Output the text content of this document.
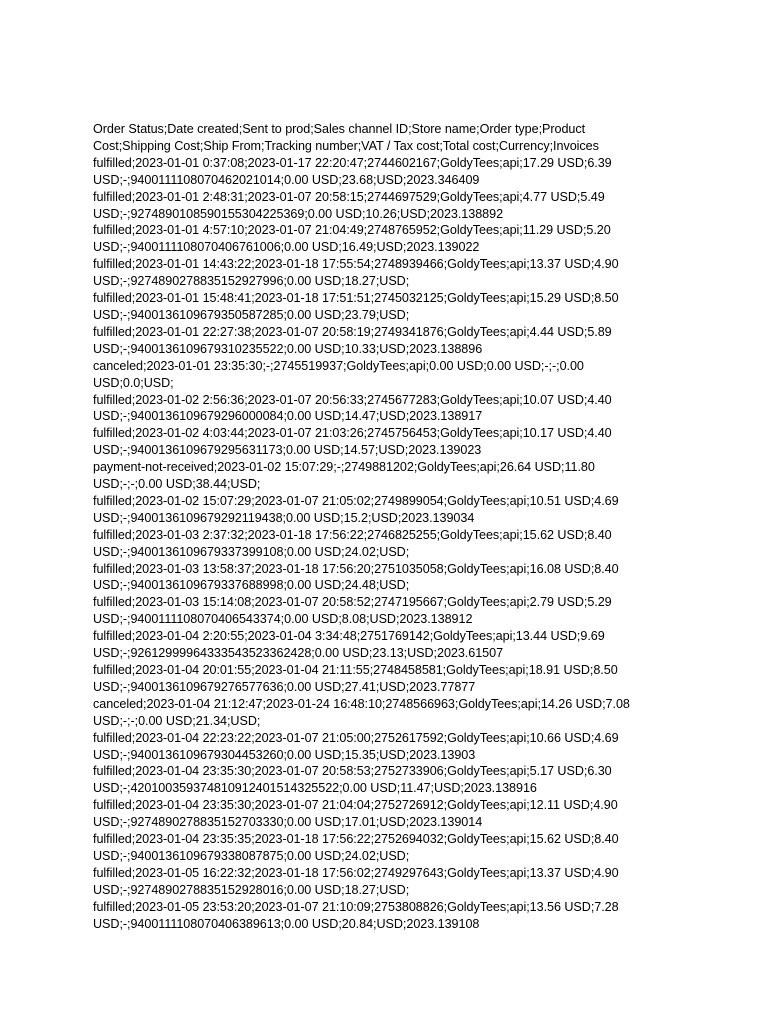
Order Status;Date created;Sent to prod;Sales channel ID;Store name;Order type;Product
Cost;Shipping Cost;Ship From;Tracking number;VAT / Tax cost;Total cost;Currency;Invoices
fulfilled;2023-01-01 0:37:08;2023-01-17 22:20:47;2744602167;GoldyTees;api;17.29 USD;6.39
USD;-;9400111108070462021014;0.00 USD;23.68;USD;2023.346409
fulfilled;2023-01-01 2:48:31;2023-01-07 20:58:15;2744697529;GoldyTees;api;4.77 USD;5.49
USD;-;9274890108590155304225369;0.00 USD;10.26;USD;2023.138892
fulfilled;2023-01-01 4:57:10;2023-01-07 21:04:49;2748765952;GoldyTees;api;11.29 USD;5.20
USD;-;9400111108070406761006;0.00 USD;16.49;USD;2023.139022
fulfilled;2023-01-01 14:43:22;2023-01-18 17:55:54;2748939466;GoldyTees;api;13.37 USD;4.90
USD;-;9274890278835152927996;0.00 USD;18.27;USD;
fulfilled;2023-01-01 15:48:41;2023-01-18 17:51:51;2745032125;GoldyTees;api;15.29 USD;8.50
USD;-;9400136109679350587285;0.00 USD;23.79;USD;
fulfilled;2023-01-01 22:27:38;2023-01-07 20:58:19;2749341876;GoldyTees;api;4.44 USD;5.89
USD;-;9400136109679310235522;0.00 USD;10.33;USD;2023.138896
canceled;2023-01-01 23:35:30;-;2745519937;GoldyTees;api;0.00 USD;0.00 USD;-;-;0.00
USD;0.0;USD;
fulfilled;2023-01-02 2:56:36;2023-01-07 20:56:33;2745677283;GoldyTees;api;10.07 USD;4.40
USD;-;9400136109679296000084;0.00 USD;14.47;USD;2023.138917
fulfilled;2023-01-02 4:03:44;2023-01-07 21:03:26;2745756453;GoldyTees;api;10.17 USD;4.40
USD;-;9400136109679295631173;0.00 USD;14.57;USD;2023.139023
payment-not-received;2023-01-02 15:07:29;-;2749881202;GoldyTees;api;26.64 USD;11.80
USD;-;-;0.00 USD;38.44;USD;
fulfilled;2023-01-02 15:07:29;2023-01-07 21:05:02;2749899054;GoldyTees;api;10.51 USD;4.69
USD;-;9400136109679292119438;0.00 USD;15.2;USD;2023.139034
fulfilled;2023-01-03 2:37:32;2023-01-18 17:56:22;2746825255;GoldyTees;api;15.62 USD;8.40
USD;-;9400136109679337399108;0.00 USD;24.02;USD;
fulfilled;2023-01-03 13:58:37;2023-01-18 17:56:20;2751035058;GoldyTees;api;16.08 USD;8.40
USD;-;9400136109679337688998;0.00 USD;24.48;USD;
fulfilled;2023-01-03 15:14:08;2023-01-07 20:58:52;2747195667;GoldyTees;api;2.79 USD;5.29
USD;-;9400111108070406543374;0.00 USD;8.08;USD;2023.138912
fulfilled;2023-01-04 2:20:55;2023-01-04 3:34:48;2751769142;GoldyTees;api;13.44 USD;9.69
USD;-;92612999964333543523362428;0.00 USD;23.13;USD;2023.61507
fulfilled;2023-01-04 20:01:55;2023-01-04 21:11:55;2748458581;GoldyTees;api;18.91 USD;8.50
USD;-;9400136109679276577636;0.00 USD;27.41;USD;2023.77877
canceled;2023-01-04 21:12:47;2023-01-24 16:48:10;2748566963;GoldyTees;api;14.26 USD;7.08
USD;-;-;0.00 USD;21.34;USD;
fulfilled;2023-01-04 22:23:22;2023-01-07 21:05:00;2752617592;GoldyTees;api;10.66 USD;4.69
USD;-;9400136109679304453260;0.00 USD;15.35;USD;2023.13903
fulfilled;2023-01-04 23:35:30;2023-01-07 20:58:53;2752733906;GoldyTees;api;5.17 USD;6.30
USD;-;420100359374810912401514325522;0.00 USD;11.47;USD;2023.138916
fulfilled;2023-01-04 23:35:30;2023-01-07 21:04:04;2752726912;GoldyTees;api;12.11 USD;4.90
USD;-;9274890278835152703330;0.00 USD;17.01;USD;2023.139014
fulfilled;2023-01-04 23:35:35;2023-01-18 17:56:22;2752694032;GoldyTees;api;15.62 USD;8.40
USD;-;9400136109679338087875;0.00 USD;24.02;USD;
fulfilled;2023-01-05 16:22:32;2023-01-18 17:56:02;2749297643;GoldyTees;api;13.37 USD;4.90
USD;-;9274890278835152928016;0.00 USD;18.27;USD;
fulfilled;2023-01-05 23:53:20;2023-01-07 21:10:09;2753808826;GoldyTees;api;13.56 USD;7.28
USD;-;9400111108070406389613;0.00 USD;20.84;USD;2023.139108
